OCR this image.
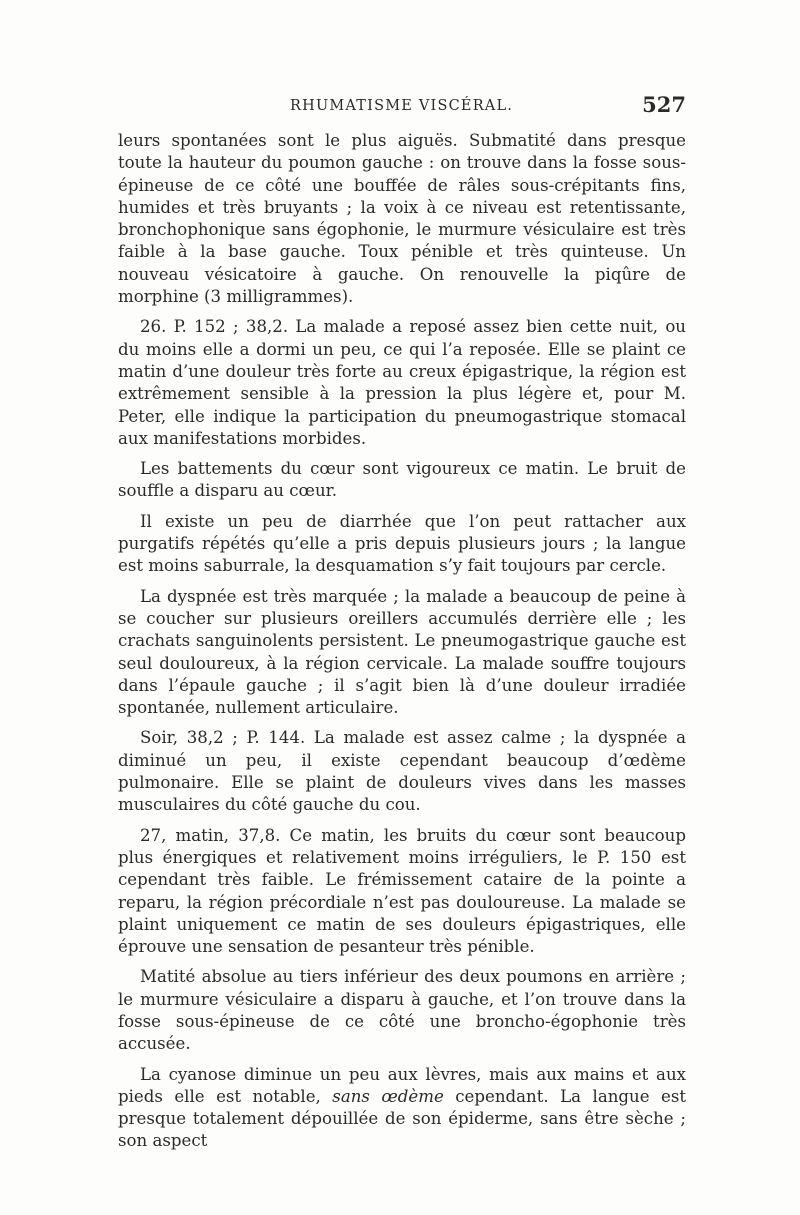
RHUMATISME VISCÉRAL.	527

leurs spontanées sont le plus aiguës. Submatité dans presque toute la hauteur du poumon gauche : on trouve dans la fosse sous-épineuse de ce côté une bouffée de râles sous-crépitants fins, humides et très bruyants ; la voix à ce niveau est retentissante, bronchophonique sans égophonie, le murmure vésiculaire est très faible à la base gauche. Toux pénible et très quinteuse. Un nouveau vésicatoire à gauche. On renouvelle la piqûre de morphine (3 milligrammes).

26. P. 152 ; 38,2. La malade a reposé assez bien cette nuit, ou du moins elle a dormi un peu, ce qui l’a reposée. Elle se plaint ce matin d’une douleur très forte au creux épigastrique, la région est extrêmement sensible à la pression la plus légère et, pour M. Peter, elle indique la participation du pneumogastrique stomacal aux manifestations morbides.

Les battements du cœur sont vigoureux ce matin. Le bruit de souffle a disparu au cœur.

Il existe un peu de diarrhée que l’on peut rattacher aux purgatifs répétés qu’elle a pris depuis plusieurs jours ; la langue est moins saburrale, la desquamation s’y fait toujours par cercle.

La dyspnée est très marquée ; la malade a beaucoup de peine à se coucher sur plusieurs oreillers accumulés derrière elle ; les crachats sanguinolents persistent. Le pneumogastrique gauche est seul douloureux, à la région cervicale. La malade souffre toujours dans l’épaule gauche ; il s’agit bien là d’une douleur irradiée spontanée, nullement articulaire.

Soir, 38,2 ; P. 144. La malade est assez calme ; la dyspnée a diminué un peu, il existe cependant beaucoup d’œdème pulmonaire. Elle se plaint de douleurs vives dans les masses musculaires du côté gauche du cou.

27, matin, 37,8. Ce matin, les bruits du cœur sont beaucoup plus énergiques et relativement moins irréguliers, le P. 150 est cependant très faible. Le frémissement cataire de la pointe a reparu, la région précordiale n’est pas douloureuse. La malade se plaint uniquement ce matin de ses douleurs épigastriques, elle éprouve une sensation de pesanteur très pénible.

Matité absolue au tiers inférieur des deux poumons en arrière ; le murmure vésiculaire a disparu à gauche, et l’on trouve dans la fosse sous-épineuse de ce côté une broncho-égophonie très accusée.

La cyanose diminue un peu aux lèvres, mais aux mains et aux pieds elle est notable, sans œdème cependant. La langue est presque totalement dépouillée de son épiderme, sans être sèche ; son aspect
